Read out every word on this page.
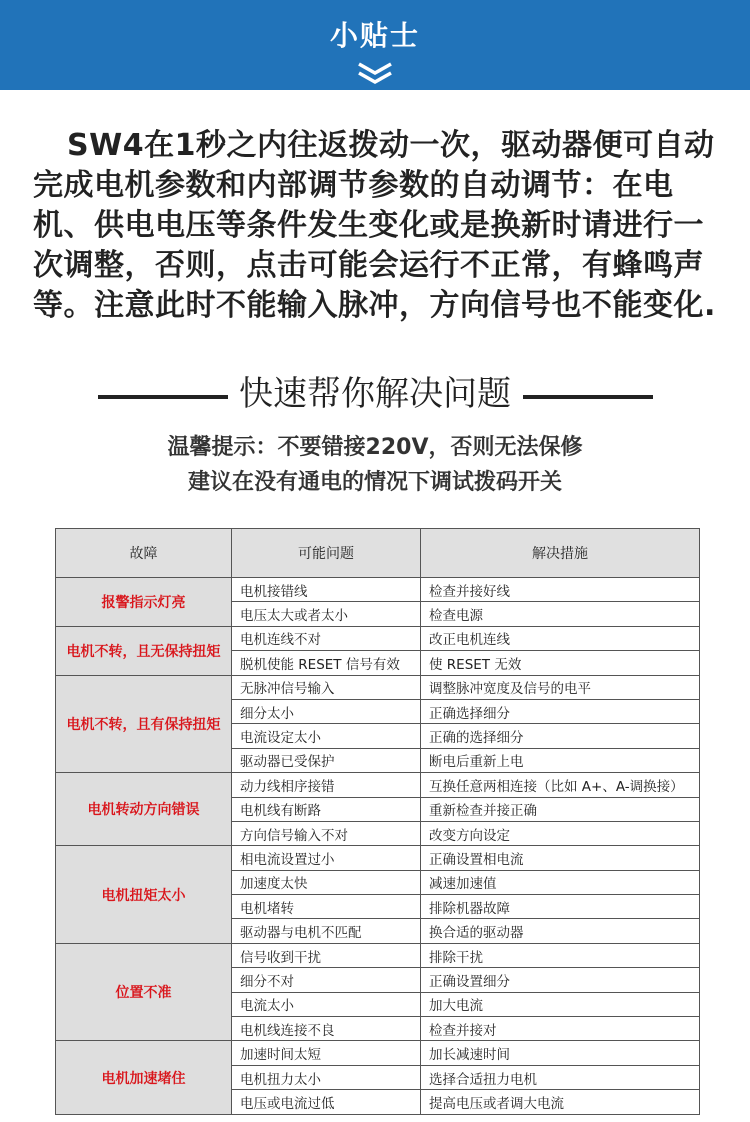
小贴士
SW4在1秒之内往返拨动一次，驱动器便可自动完成电机参数和内部调节参数的自动调节：在电机、供电电压等条件发生变化或是换新时请进行一次调整，否则，点击可能会运行不正常，有蜂鸣声等。注意此时不能输入脉冲，方向信号也不能变化.
快速帮你解决问题
温馨提示：不要错接220V，否则无法保修
建议在没有通电的情况下调试拨码开关
故障	可能问题	解决措施
报警指示灯亮	电机接错线	检查并接好线
	电压太大或者太小	检查电源
电机不转，且无保持扭矩	电机连线不对	改正电机连线
	脱机使能 RESET 信号有效	使 RESET 无效
电机不转，且有保持扭矩	无脉冲信号输入	调整脉冲宽度及信号的电平
	细分太小	正确选择细分
	电流设定太小	正确的选择细分
	驱动器已受保护	断电后重新上电
电机转动方向错误	动力线相序接错	互换任意两相连接（比如 A+、A-调换接）
	电机线有断路	重新检查并接正确
	方向信号输入不对	改变方向设定
电机扭矩太小	相电流设置过小	正确设置相电流
	加速度太快	减速加速值
	电机堵转	排除机器故障
	驱动器与电机不匹配	换合适的驱动器
位置不准	信号收到干扰	排除干扰
	细分不对	正确设置细分
	电流太小	加大电流
	电机线连接不良	检查并接对
电机加速堵住	加速时间太短	加长减速时间
	电机扭力太小	选择合适扭力电机
	电压或电流过低	提高电压或者调大电流
